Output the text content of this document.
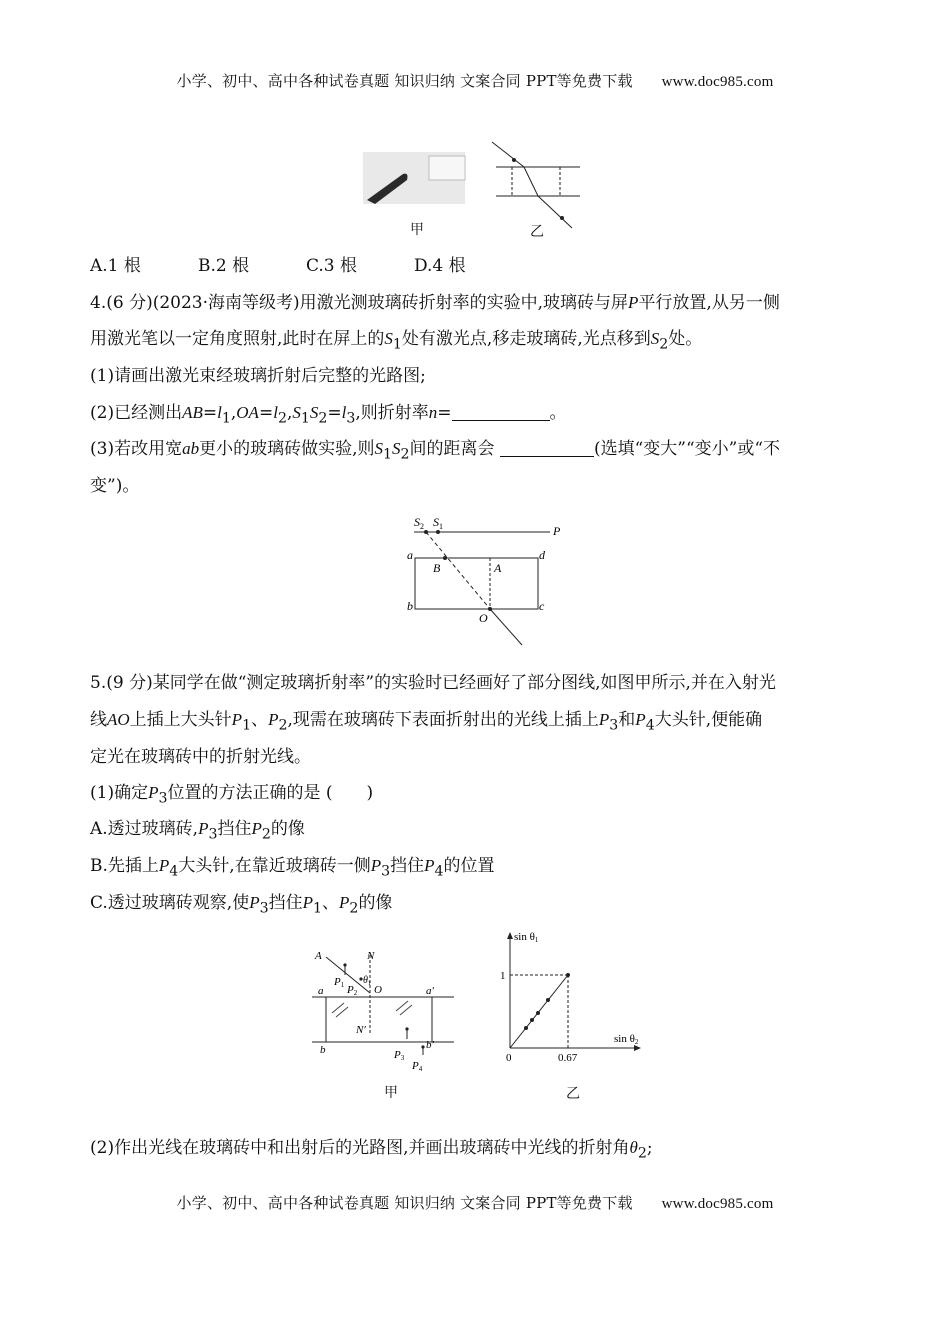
小学、初中、高中各种试卷真题 知识归纳 文案合同 PPT等免费下载 www.doc985.com
甲	乙
A.1 根	B.2 根	C.3 根	D.4 根
4.(6 分)(2023·海南等级考)用激光测玻璃砖折射率的实验中,玻璃砖与屏P平行放置,从另一侧
用激光笔以一定角度照射,此时在屏上的$S_1$处有激光点,移走玻璃砖,光点移到$S_2$处。
(1)请画出激光束经玻璃折射后完整的光路图;
(2)已经测出$AB=l_1,OA=l_2,S_1S_2=l_3$,则折射率n=	。
(3)若改用宽ab更小的玻璃砖做实验,则$S_1S_2$间的距离会	(选填“变大”“变小”或“不
变”)。
$S_2$ $S_1$	P
a	d
B	A
b	c
O
5.(9 分)某同学在做“测定玻璃折射率”的实验时已经画好了部分图线,如图甲所示,并在入射光
线AO上插上大头针$P_1$、$P_2$,现需在玻璃砖下表面折射出的光线上插上$P_3$和$P_4$大头针,便能确
定光在玻璃砖中的折射光线。
(1)确定$P_3$位置的方法正确的是 (　　)
A.透过玻璃砖$,P_3$挡住$P_2$的像
B.先插上$P_4$大头针,在靠近玻璃砖一侧$P_3$挡住$P_4$的位置
C.透过玻璃砖观察,使$P_3$挡住$P_1$、$P_2$的像
A	N
P1 P2
$\theta_1$ O
a	a′
N′
b	b′
P3
P4
甲
sin θ1
sin θ2
1
0.67
0
乙
(2)作出光线在玻璃砖中和出射后的光路图,并画出玻璃砖中光线的折射角$\theta_2$;
小学、初中、高中各种试卷真题 知识归纳 文案合同 PPT等免费下载 www.doc985.com
